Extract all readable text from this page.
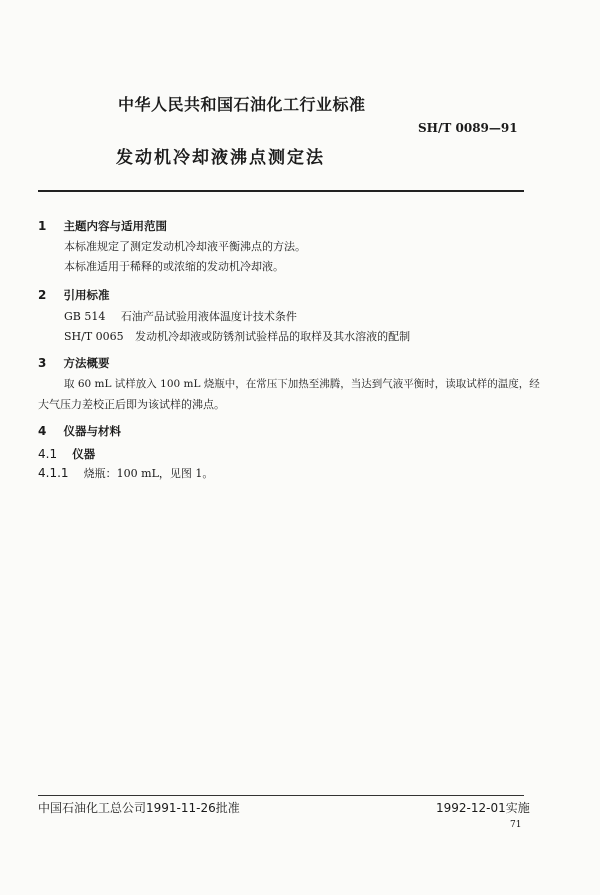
中华人民共和国石油化工行业标准
SH/T 0089—91
发动机冷却液沸点测定法
1 主题内容与适用范围
本标准规定了测定发动机冷却液平衡沸点的方法。
本标准适用于稀释的或浓缩的发动机冷却液。
2 引用标准
GB 514 石油产品试验用液体温度计技术条件
SH/T 0065 发动机冷却液或防锈剂试验样品的取样及其水溶液的配制
3 方法概要
取 60 mL 试样放入 100 mL 烧瓶中，在常压下加热至沸腾，当达到气液平衡时，读取试样的温度，经
大气压力差校正后即为该试样的沸点。
4 仪器与材料
4.1 仪器
4.1.1 烧瓶：100 mL，见图 1。
中国石油化工总公司1991-11-26批准	1992-12-01实施
71
